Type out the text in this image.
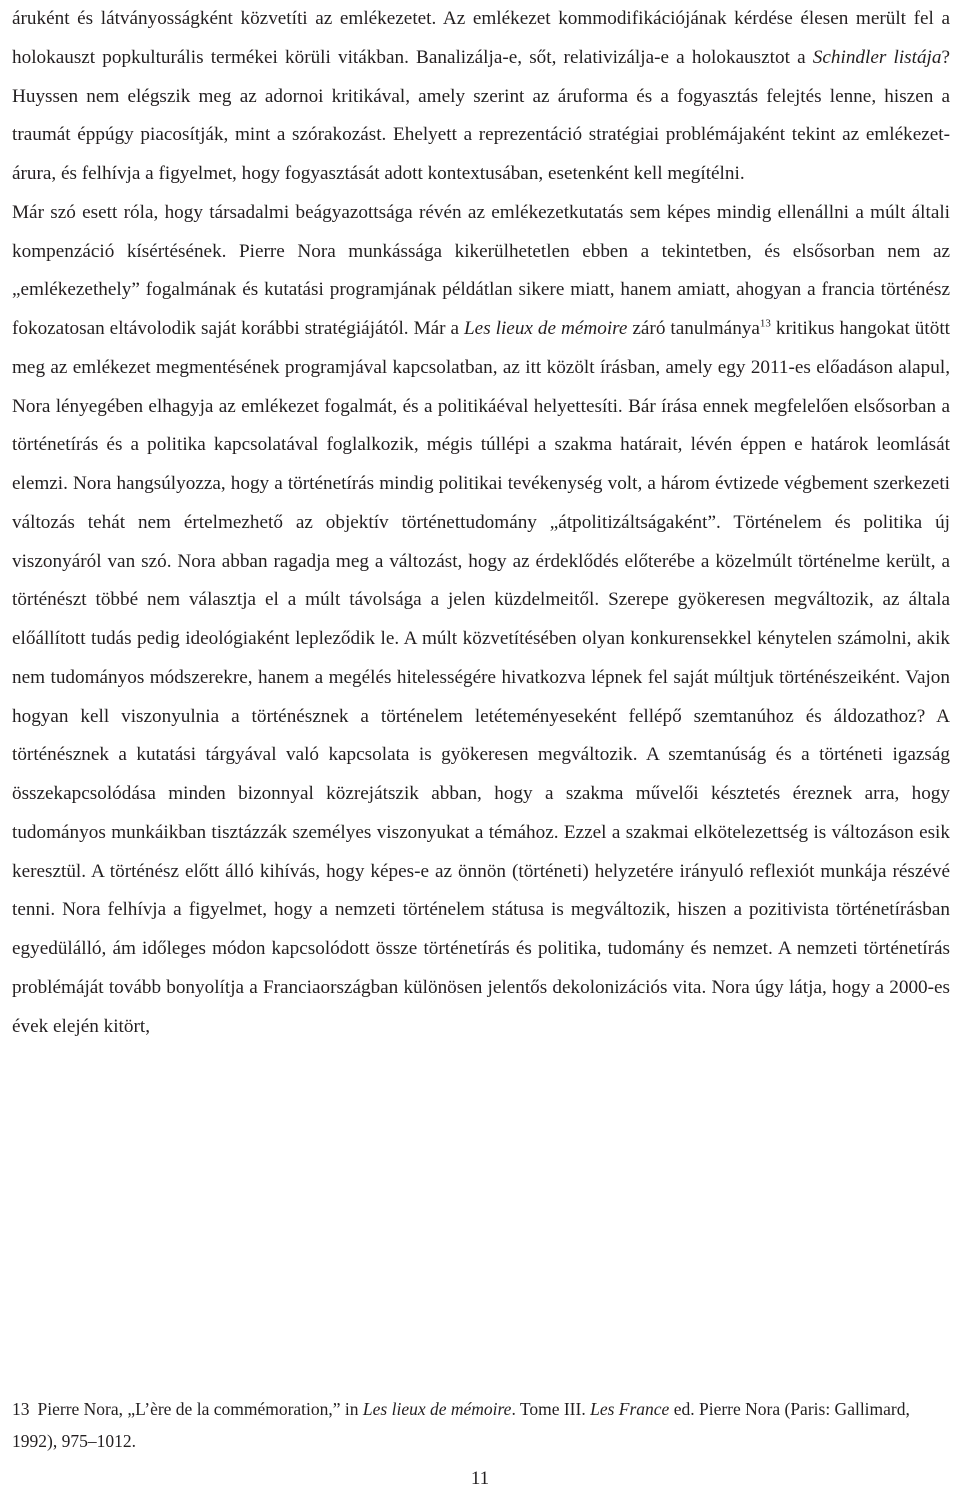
áruként és látványosságként közvetíti az emlékezetet. Az emlékezet kommodifikációjának kérdése élesen merült fel a holokauszt popkulturális termékei körüli vitákban. Banalizálja-e, sőt, relativizálja-e a holokausztot a Schindler listája? Huyssen nem elégszik meg az adornoi kritikával, amely szerint az áruforma és a fogyasztás felejtés lenne, hiszen a traumát éppúgy piacosítják, mint a szórakozást. Ehelyett a reprezentáció stratégiai problémájaként tekint az emlékezet-árura, és felhívja a figyelmet, hogy fogyasztását adott kontextusában, esetenként kell megítélni.
Már szó esett róla, hogy társadalmi beágyazottsága révén az emlékezetkutatás sem képes mindig ellenállni a múlt általi kompenzáció kísértésének. Pierre Nora munkássága kikerülhetetlen ebben a tekintetben, és elsősorban nem az „emlékezethely” fogalmának és kutatási programjának példátlan sikere miatt, hanem amiatt, ahogyan a francia történész fokozatosan eltávolodik saját korábbi stratégiájától. Már a Les lieux de mémoire záró tanulmánya$^{13}$ kritikus hangokat ütött meg az emlékezet megmentésének programjával kapcsolatban, az itt közölt írásban, amely egy 2011-es előadáson alapul, Nora lényegében elhagyja az emlékezet fogalmát, és a politikáéval helyettesíti. Bár írása ennek megfelelően elsősorban a történetírás és a politika kapcsolatával foglalkozik, mégis túllépi a szakma határait, lévén éppen e határok leomlását elemzi. Nora hangsúlyozza, hogy a történetírás mindig politikai tevékenység volt, a három évtizede végbement szerkezeti változás tehát nem értelmezhető az objektív történettudomány „átpolitizáltságaként”. Történelem és politika új viszonyáról van szó. Nora abban ragadja meg a változást, hogy az érdeklődés előterébe a közelmúlt történelme került, a történészt többé nem választja el a múlt távolsága a jelen küzdelmeitől. Szerepe gyökeresen megváltozik, az általa előállított tudás pedig ideológiaként lepleződik le. A múlt közvetítésében olyan konkurensekkel kénytelen számolni, akik nem tudományos módszerekre, hanem a megélés hitelességére hivatkozva lépnek fel saját múltjuk történészeiként. Vajon hogyan kell viszonyulnia a történésznek a történelem letéteményeseként fellépő szemtanúhoz és áldozathoz? A történésznek a kutatási tárgyával való kapcsolata is gyökeresen megváltozik. A szemtanúság és a történeti igazság összekapcsolódása minden bizonnyal közrejátszik abban, hogy a szakma művelői késztetés éreznek arra, hogy tudományos munkáikban tisztázzák személyes viszonyukat a témához. Ezzel a szakmai elkötelezettség is változáson esik keresztül. A történész előtt álló kihívás, hogy képes-e az önnön (történeti) helyzetére irányuló reflexiót munkája részévé tenni. Nora felhívja a figyelmet, hogy a nemzeti történelem státusa is megváltozik, hiszen a pozitivista történetírásban egyedülálló, ám időleges módon kapcsolódott össze történetírás és politika, tudomány és nemzet. A nemzeti történetírás problémáját tovább bonyolítja a Franciaországban különösen jelentős dekolonizációs vita. Nora úgy látja, hogy a 2000-es évek elején kitört,

13 Pierre Nora, „L’ère de la commémoration,” in Les lieux de mémoire. Tome III. Les France ed. Pierre Nora (Paris: Gallimard, 1992), 975–1012.

11
